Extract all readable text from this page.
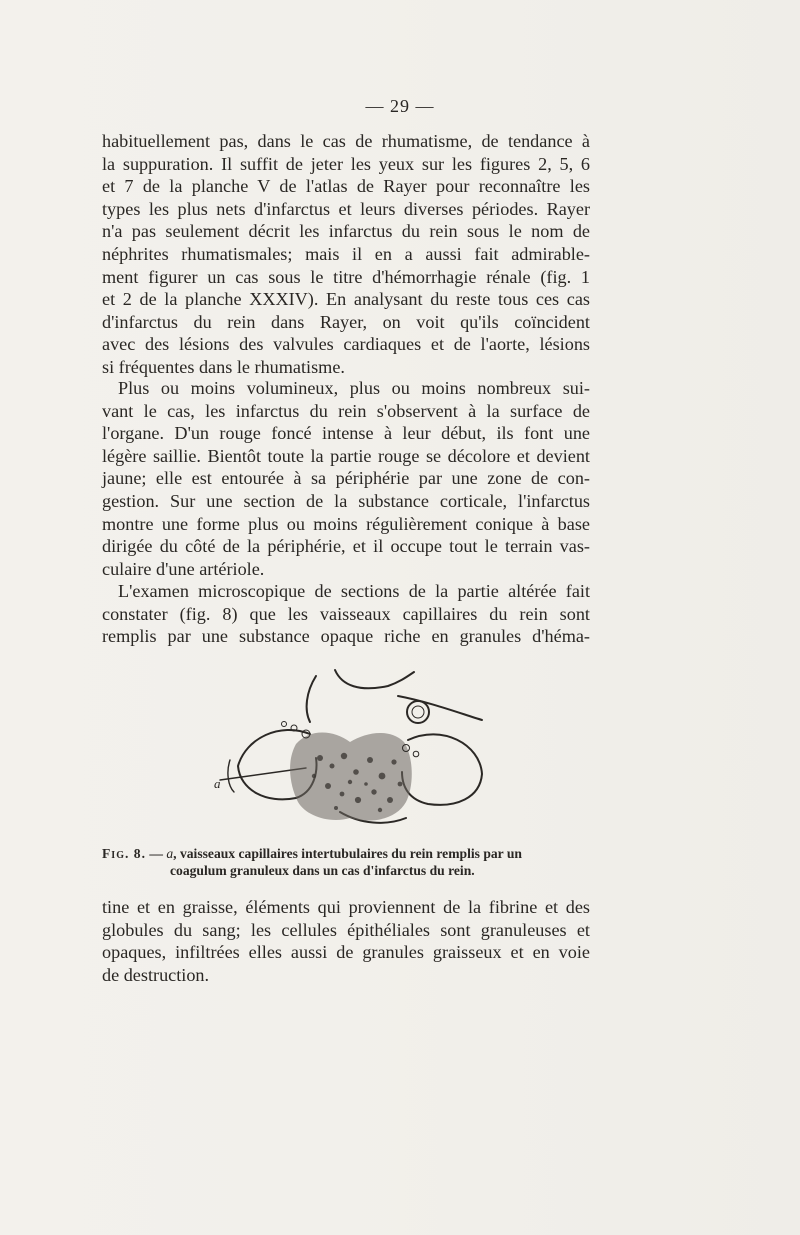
— 29 —
habituellement pas, dans le cas de rhumatisme, de tendance à
la suppuration. Il suffit de jeter les yeux sur les figures 2, 5, 6
et 7 de la planche V de l'atlas de Rayer pour reconnaître les
types les plus nets d'infarctus et leurs diverses périodes. Rayer
n'a pas seulement décrit les infarctus du rein sous le nom de
néphrites rhumatismales; mais il en a aussi fait admirable-
ment figurer un cas sous le titre d'hémorrhagie rénale (fig. 1
et 2 de la planche XXXIV). En analysant du reste tous ces cas
d'infarctus du rein dans Rayer, on voit qu'ils coïncident
avec des lésions des valvules cardiaques et de l'aorte, lésions
si fréquentes dans le rhumatisme.
Plus ou moins volumineux, plus ou moins nombreux sui-
vant le cas, les infarctus du rein s'observent à la surface de
l'organe. D'un rouge foncé intense à leur début, ils font une
légère saillie. Bientôt toute la partie rouge se décolore et devient
jaune; elle est entourée à sa périphérie par une zone de con-
gestion. Sur une section de la substance corticale, l'infarctus
montre une forme plus ou moins régulièrement conique à base
dirigée du côté de la périphérie, et il occupe tout le terrain vas-
culaire d'une artériole.
L'examen microscopique de sections de la partie altérée fait
constater (fig. 8) que les vaisseaux capillaires du rein sont
remplis par une substance opaque riche en granules d'héma-
a
Fig. 8. — a, vaisseaux capillaires intertubulaires du rein remplis par un
coagulum granuleux dans un cas d'infarctus du rein.
tine et en graisse, éléments qui proviennent de la fibrine et des
globules du sang; les cellules épithéliales sont granuleuses et
opaques, infiltrées elles aussi de granules graisseux et en voie
de destruction.
